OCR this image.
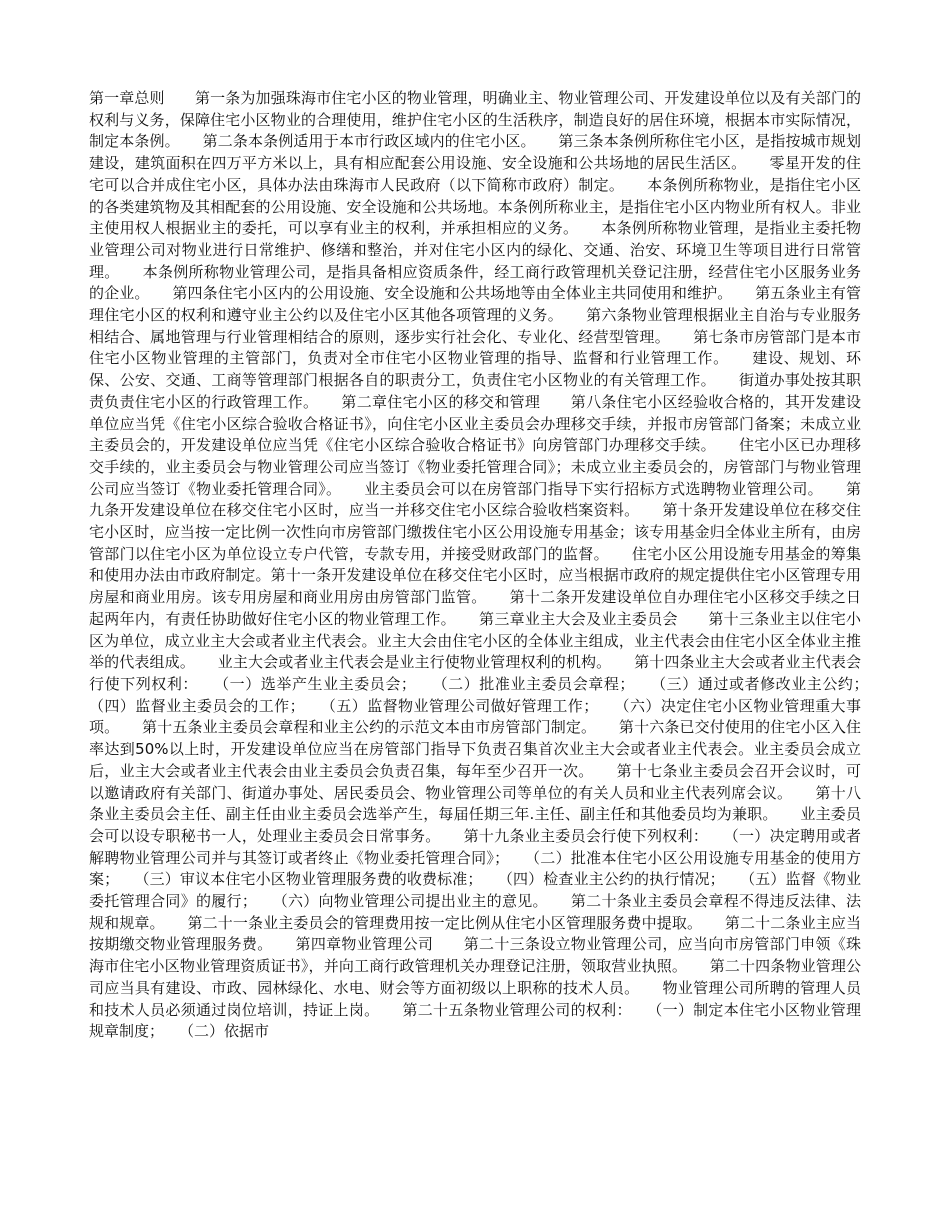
第一章总则　　第一条为加强珠海市住宅小区的物业管理，明确业主、物业管理公司、开发建设单位以及有关部门的权利与义务，保障住宅小区物业的合理使用，维护住宅小区的生活秩序，制造良好的居住环境，根据本市实际情况，制定本条例。　　第二条本条例适用于本市行政区域内的住宅小区。　　第三条本条例所称住宅小区，是指按城市规划建设，建筑面积在四万平方米以上，具有相应配套公用设施、安全设施和公共场地的居民生活区。　　零星开发的住宅可以合并成住宅小区，具体办法由珠海市人民政府（以下简称市政府）制定。　　本条例所称物业，是指住宅小区的各类建筑物及其相配套的公用设施、安全设施和公共场地。本条例所称业主，是指住宅小区内物业所有权人。非业主使用权人根据业主的委托，可以享有业主的权利，并承担相应的义务。　　本条例所称物业管理，是指业主委托物业管理公司对物业进行日常维护、修缮和整治，并对住宅小区内的绿化、交通、治安、环境卫生等项目进行日常管理。　　本条例所称物业管理公司，是指具备相应资质条件，经工商行政管理机关登记注册，经营住宅小区服务业务的企业。　　第四条住宅小区内的公用设施、安全设施和公共场地等由全体业主共同使用和维护。　　第五条业主有管理住宅小区的权利和遵守业主公约以及住宅小区其他各项管理的义务。　　第六条物业管理根据业主自治与专业服务相结合、属地管理与行业管理相结合的原则，逐步实行社会化、专业化、经营型管理。　　第七条市房管部门是本市住宅小区物业管理的主管部门，负责对全市住宅小区物业管理的指导、监督和行业管理工作。　　建设、规划、环保、公安、交通、工商等管理部门根据各自的职责分工，负责住宅小区物业的有关管理工作。　　街道办事处按其职责负责住宅小区的行政管理工作。　　第二章住宅小区的移交和管理　　第八条住宅小区经验收合格的，其开发建设单位应当凭《住宅小区综合验收合格证书》，向住宅小区业主委员会办理移交手续，并报市房管部门备案；未成立业主委员会的，开发建设单位应当凭《住宅小区综合验收合格证书》向房管部门办理移交手续。　　住宅小区已办理移交手续的，业主委员会与物业管理公司应当签订《物业委托管理合同》；未成立业主委员会的，房管部门与物业管理公司应当签订《物业委托管理合同》。　　业主委员会可以在房管部门指导下实行招标方式选聘物业管理公司。　　第九条开发建设单位在移交住宅小区时，应当一并移交住宅小区综合验收档案资料。　　第十条开发建设单位在移交住宅小区时，应当按一定比例一次性向市房管部门缴拨住宅小区公用设施专用基金；该专用基金归全体业主所有，由房管部门以住宅小区为单位设立专户代管，专款专用，并接受财政部门的监督。　　住宅小区公用设施专用基金的筹集和使用办法由市政府制定。第十一条开发建设单位在移交住宅小区时，应当根据市政府的规定提供住宅小区管理专用房屋和商业用房。该专用房屋和商业用房由房管部门监管。　　第十二条开发建设单位自办理住宅小区移交手续之日起两年内，有责任协助做好住宅小区的物业管理工作。　　第三章业主大会及业主委员会　　第十三条业主以住宅小区为单位，成立业主大会或者业主代表会。业主大会由住宅小区的全体业主组成，业主代表会由住宅小区全体业主推举的代表组成。　　业主大会或者业主代表会是业主行使物业管理权利的机构。　　第十四条业主大会或者业主代表会行使下列权利：　　（一）选举产生业主委员会；　　（二）批准业主委员会章程；　　（三）通过或者修改业主公约；　　（四）监督业主委员会的工作；　　（五）监督物业管理公司做好管理工作；　　（六）决定住宅小区物业管理重大事项。　　第十五条业主委员会章程和业主公约的示范文本由市房管部门制定。　　第十六条已交付使用的住宅小区入住率达到50%以上时，开发建设单位应当在房管部门指导下负责召集首次业主大会或者业主代表会。业主委员会成立后，业主大会或者业主代表会由业主委员会负责召集，每年至少召开一次。　　第十七条业主委员会召开会议时，可以邀请政府有关部门、街道办事处、居民委员会、物业管理公司等单位的有关人员和业主代表列席会议。　　第十八条业主委员会主任、副主任由业主委员会选举产生，每届任期三年.主任、副主任和其他委员均为兼职。　　业主委员会可以设专职秘书一人，处理业主委员会日常事务。　　第十九条业主委员会行使下列权利：　　（一）决定聘用或者解聘物业管理公司并与其签订或者终止《物业委托管理合同》；　　（二）批准本住宅小区公用设施专用基金的使用方案；　　（三）审议本住宅小区物业管理服务费的收费标准；　　（四）检查业主公约的执行情况；　　（五）监督《物业委托管理合同》的履行；　　（六）向物业管理公司提出业主的意见。　　第二十条业主委员会章程不得违反法律、法规和规章。　　第二十一条业主委员会的管理费用按一定比例从住宅小区管理服务费中提取。　　第二十二条业主应当按期缴交物业管理服务费。　　第四章物业管理公司　　第二十三条设立物业管理公司，应当向市房管部门申领《珠海市住宅小区物业管理资质证书》，并向工商行政管理机关办理登记注册，领取营业执照。　　第二十四条物业管理公司应当具有建设、市政、园林绿化、水电、财会等方面初级以上职称的技术人员。　　物业管理公司所聘的管理人员和技术人员必须通过岗位培训，持证上岗。　　第二十五条物业管理公司的权利：　　（一）制定本住宅小区物业管理规章制度；　　（二）依据市
